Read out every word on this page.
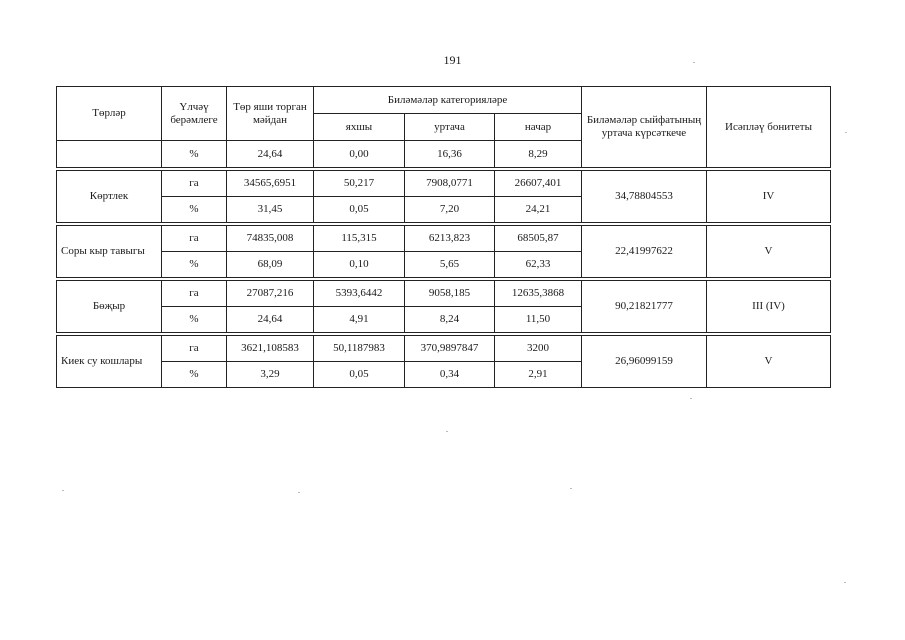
191
Төрләр	Үлчәү берәмлеге	Төр яши торган мәйдан	Биләмәләр категорияләре			Биләмәләр сыйфатының уртача күрсәткече	Исәпләү бонитеты
			яхшы	уртача	начар		
	%	24,64	0,00	16,36	8,29		

Көртлек	га	34565,6951	50,217	7908,0771	26607,401	34,78804553	IV
	%	31,45	0,05	7,20	24,21		

Соры кыр тавыгы	га	74835,008	115,315	6213,823	68505,87	22,41997622	V
	%	68,09	0,10	5,65	62,33		

Бөҗыр	га	27087,216	5393,6442	9058,185	12635,3868	90,21821777	III (IV)
	%	24,64	4,91	8,24	11,50		

Киек су кошлары	га	3621,108583	50,1187983	370,9897847	3200	26,96099159	V
	%	3,29	0,05	0,34	2,91		
